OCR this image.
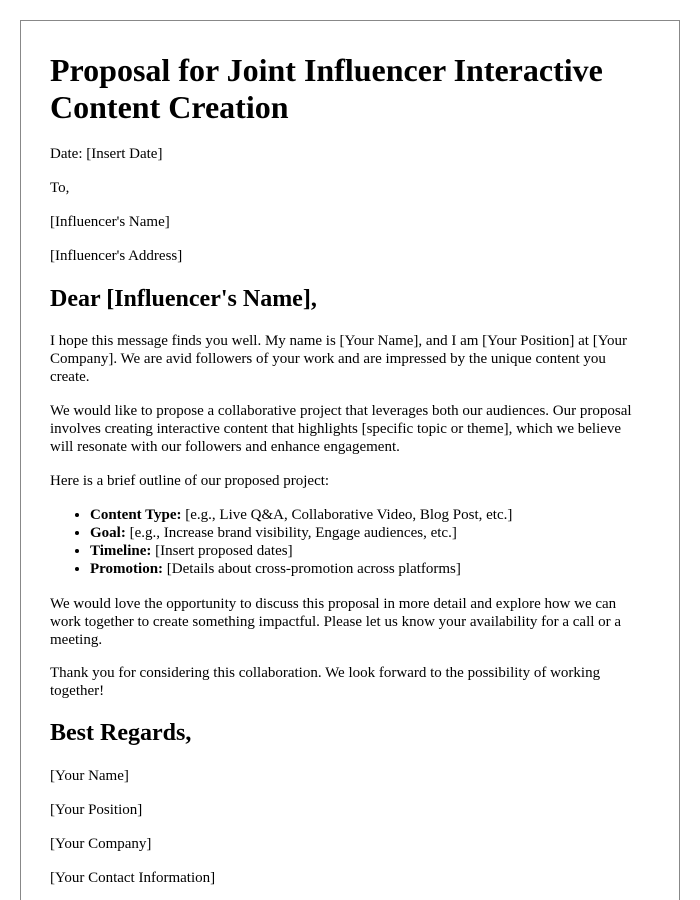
Proposal for Joint Influencer Interactive Content Creation

Date: [Insert Date]

To,

[Influencer's Name]

[Influencer's Address]

Dear [Influencer's Name],

I hope this message finds you well. My name is [Your Name], and I am [Your Position] at [Your Company]. We are avid followers of your work and are impressed by the unique content you create.

We would like to propose a collaborative project that leverages both our audiences. Our proposal involves creating interactive content that highlights [specific topic or theme], which we believe will resonate with our followers and enhance engagement.

Here is a brief outline of our proposed project:

• Content Type: [e.g., Live Q&A, Collaborative Video, Blog Post, etc.]
• Goal: [e.g., Increase brand visibility, Engage audiences, etc.]
• Timeline: [Insert proposed dates]
• Promotion: [Details about cross-promotion across platforms]

We would love the opportunity to discuss this proposal in more detail and explore how we can work together to create something impactful. Please let us know your availability for a call or a meeting.

Thank you for considering this collaboration. We look forward to the possibility of working together!

Best Regards,

[Your Name]

[Your Position]

[Your Company]

[Your Contact Information]
